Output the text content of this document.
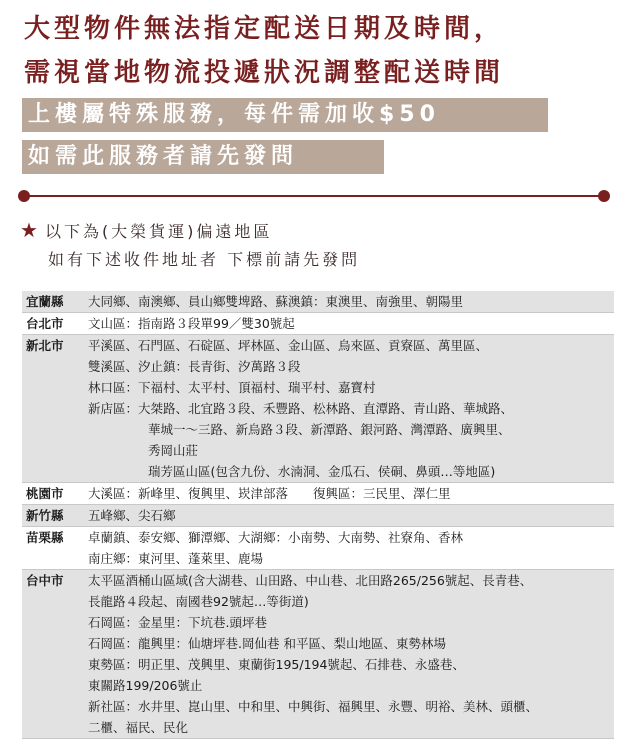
大型物件無法指定配送日期及時間，
需視當地物流投遞狀況調整配送時間
上樓屬特殊服務，每件需加收$50
如需此服務者請先發問
★ 以下為(大榮貨運)偏遠地區
如有下述收件地址者 下標前請先發問
宜蘭縣	大同鄉、南澳鄉、員山鄉雙埤路、蘇澳鎮：東澳里、南強里、朝陽里
台北市	文山區：指南路３段單99／雙30號起
新北市	平溪區、石門區、石碇區、坪林區、金山區、烏來區、貢寮區、萬里區、
雙溪區、汐止鎮：長青街、汐萬路３段
林口區：下福村、太平村、頂福村、瑞平村、嘉寶村
新店區：大桀路、北宜路３段、禾豐路、松林路、直潭路、青山路、華城路、
華城一～三路、新烏路３段、新潭路、銀河路、灣潭路、廣興里、
秀岡山莊
瑞芳區山區(包含九份、水湳洞、金瓜石、侯硐、鼻頭…等地區)
桃園市	大溪區：新峰里、復興里、崁津部落　　復興區：三民里、澤仁里
新竹縣	五峰鄉、尖石鄉
苗栗縣	卓蘭鎮、泰安鄉、獅潭鄉、大湖鄉：小南勢、大南勢、社寮角、香林
南庄鄉：東河里、蓬萊里、鹿場
台中市	太平區酒桶山區域(含大湖巷、山田路、中山巷、北田路265/256號起、長青巷、
長龍路４段起、南國巷92號起…等街道)
石岡區：金星里：下坑巷.頭坪巷
石岡區：龍興里：仙塘坪巷.岡仙巷 和平區、梨山地區、東勢林場
東勢區：明正里、茂興里、東蘭街195/194號起、石排巷、永盛巷、
東關路199/206號止
新社區：水井里、崑山里、中和里、中興街、福興里、永豐、明裕、美林、頭櫃、
二櫃、福民、民化
